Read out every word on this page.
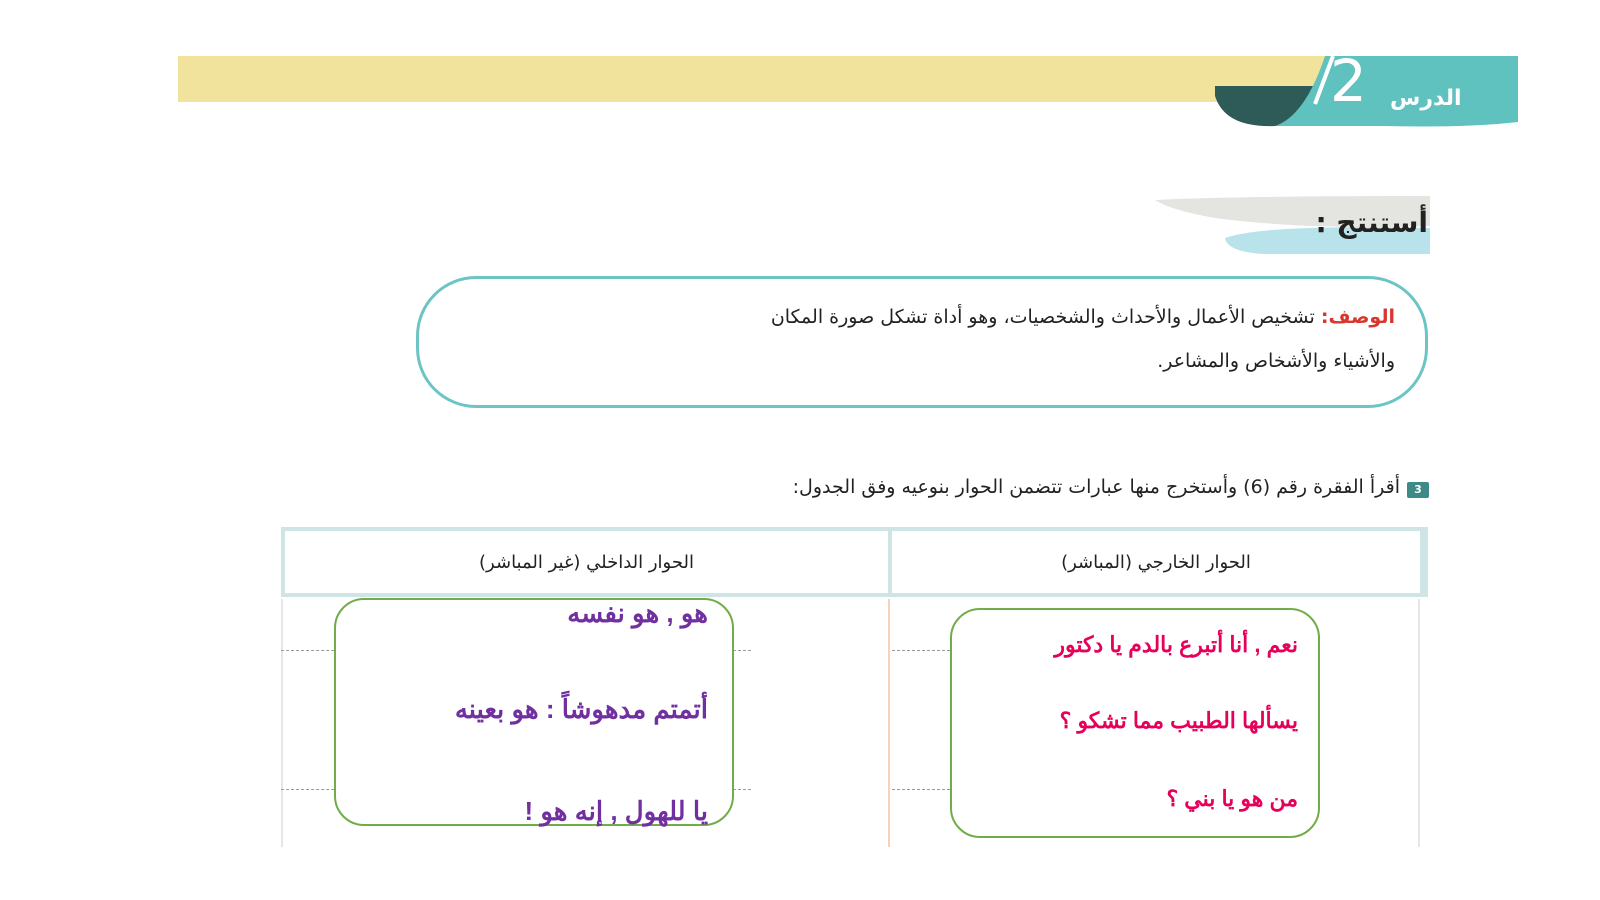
2 الدرس
أستنتج :
الوصف: تشخيص الأعمال والأحداث والشخصيات، وهو أداة تشكل صورة المكان
والأشياء والأشخاص والمشاعر.
3
أقرأ الفقرة رقم (6) وأستخرج منها عبارات تتضمن الحوار بنوعيه وفق الجدول:
الحوار الخارجي (المباشر)
الحوار الداخلي (غير المباشر)
هو , هو نفسه
أتمتم مدهوشاً : هو بعينه
يا للهول , إنه هو !
نعم , أنا أتبرع بالدم يا دكتور
يسألها الطبيب مما تشكو ؟
من هو يا بني ؟
